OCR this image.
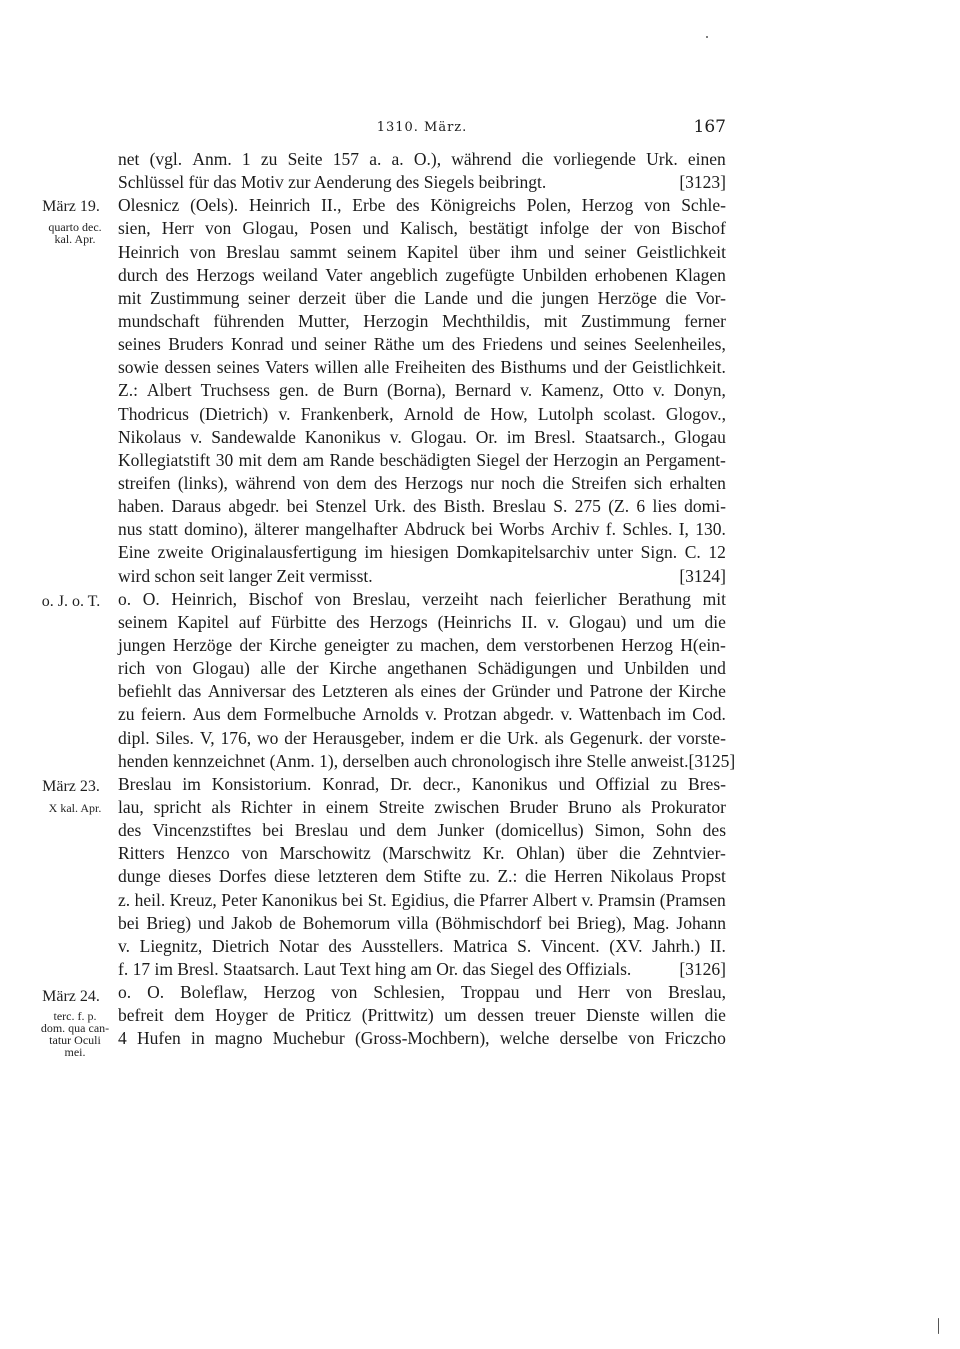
1310. März.	167
März 19.
quarto dec.
kal. Apr.
o. J. o. T.
März 23.
X kal. Apr.
März 24.
terc. f. p.
dom. qua can-
tatur Oculi
mei.
net (vgl. Anm. 1 zu Seite 157 a. a. O.), während die vorliegende Urk. einen
Schlüssel für das Motiv zur Aenderung des Siegels beibringt.	[3123]
Olesnicz (Oels). Heinrich II., Erbe des Königreichs Polen, Herzog von Schle-
sien, Herr von Glogau, Posen und Kalisch, bestätigt infolge der von Bischof
Heinrich von Breslau sammt seinem Kapitel über ihm und seiner Geistlichkeit
durch des Herzogs weiland Vater angeblich zugefügte Unbilden erhobenen Klagen
mit Zustimmung seiner derzeit über die Lande und die jungen Herzöge die Vor-
mundschaft führenden Mutter, Herzogin Mechthildis, mit Zustimmung ferner
seines Bruders Konrad und seiner Räthe um des Friedens und seines Seelenheiles,
sowie dessen seines Vaters willen alle Freiheiten des Bisthums und der Geistlichkeit.
Z.: Albert Truchsess gen. de Burn (Borna), Bernard v. Kamenz, Otto v. Donyn,
Thodricus (Dietrich) v. Frankenberk, Arnold de How, Lutolph scolast. Glogov.,
Nikolaus v. Sandewalde Kanonikus v. Glogau. Or. im Bresl. Staatsarch., Glogau
Kollegiatstift 30 mit dem am Rande beschädigten Siegel der Herzogin an Pergament-
streifen (links), während von dem des Herzogs nur noch die Streifen sich erhalten
haben. Daraus abgedr. bei Stenzel Urk. des Bisth. Breslau S. 275 (Z. 6 lies domi-
nus statt domino), älterer mangelhafter Abdruck bei Worbs Archiv f. Schles. I, 130.
Eine zweite Originalausfertigung im hiesigen Domkapitelsarchiv unter Sign. C. 12
wird schon seit langer Zeit vermisst.	[3124]
o. O. Heinrich, Bischof von Breslau, verzeiht nach feierlicher Berathung mit
seinem Kapitel auf Fürbitte des Herzogs (Heinrichs II. v. Glogau) und um die
jungen Herzöge der Kirche geneigter zu machen, dem verstorbenen Herzog H(ein-
rich von Glogau) alle der Kirche angethanen Schädigungen und Unbilden und
befiehlt das Anniversar des Letzteren als eines der Gründer und Patrone der Kirche
zu feiern. Aus dem Formelbuche Arnolds v. Protzan abgedr. v. Wattenbach im Cod.
dipl. Siles. V, 176, wo der Herausgeber, indem er die Urk. als Gegenurk. der vorste-
henden kennzeichnet (Anm. 1), derselben auch chronologisch ihre Stelle anweist. [3125]
Breslau im Konsistorium. Konrad, Dr. decr., Kanonikus und Offizial zu Bres-
lau, spricht als Richter in einem Streite zwischen Bruder Bruno als Prokurator
des Vincenzstiftes bei Breslau und dem Junker (domicellus) Simon, Sohn des
Ritters Henzco von Marschowitz (Marschwitz Kr. Ohlan) über die Zehntvier-
dunge dieses Dorfes diese letzteren dem Stifte zu. Z.: die Herren Nikolaus Propst
z. heil. Kreuz, Peter Kanonikus bei St. Egidius, die Pfarrer Albert v. Pramsin (Pramsen
bei Brieg) und Jakob de Bohemorum villa (Böhmischdorf bei Brieg), Mag. Johann
v. Liegnitz, Dietrich Notar des Ausstellers. Matrica S. Vincent. (XV. Jahrh.) II.
f. 17 im Bresl. Staatsarch. Laut Text hing am Or. das Siegel des Offizials.	[3126]
o. O. Boleflaw, Herzog von Schlesien, Troppau und Herr von Breslau,
befreit dem Hoyger de Priticz (Prittwitz) um dessen treuer Dienste willen die
4 Hufen in magno Muchebur (Gross-Mochbern), welche derselbe von Friczcho
